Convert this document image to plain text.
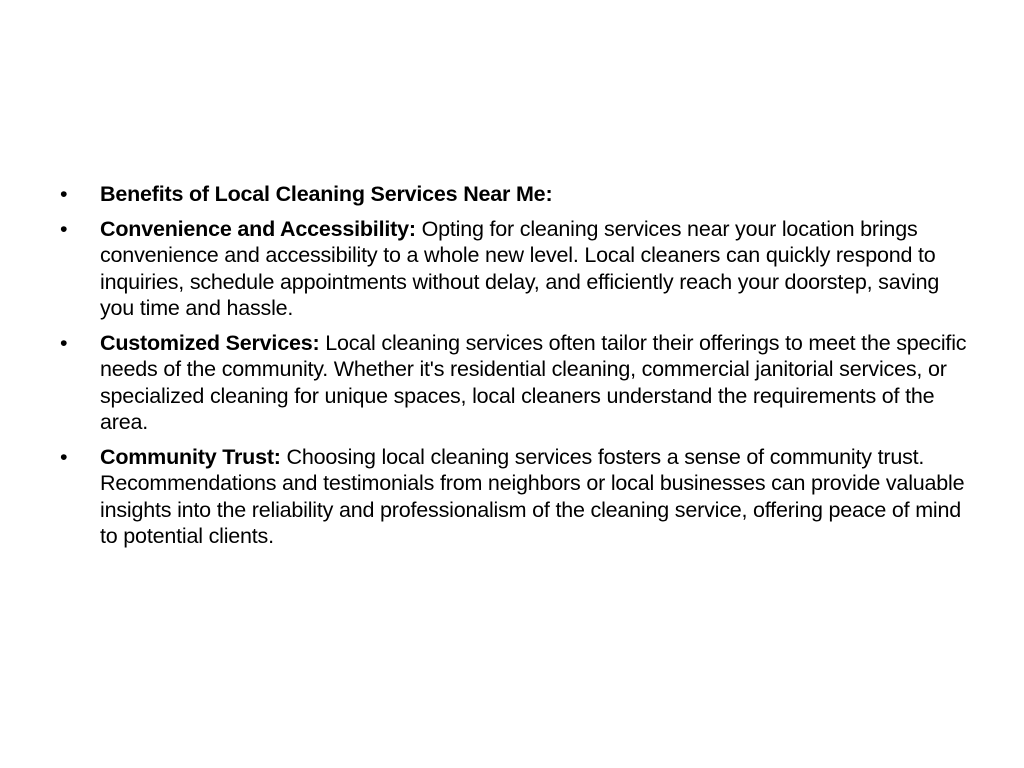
•	Benefits of Local Cleaning Services Near Me:
•	Convenience and Accessibility: Opting for cleaning services near your location brings convenience and accessibility to a whole new level. Local cleaners can quickly respond to inquiries, schedule appointments without delay, and efficiently reach your doorstep, saving you time and hassle.
•	Customized Services: Local cleaning services often tailor their offerings to meet the specific needs of the community. Whether it's residential cleaning, commercial janitorial services, or specialized cleaning for unique spaces, local cleaners understand the requirements of the area.
•	Community Trust: Choosing local cleaning services fosters a sense of community trust. Recommendations and testimonials from neighbors or local businesses can provide valuable insights into the reliability and professionalism of the cleaning service, offering peace of mind to potential clients.
